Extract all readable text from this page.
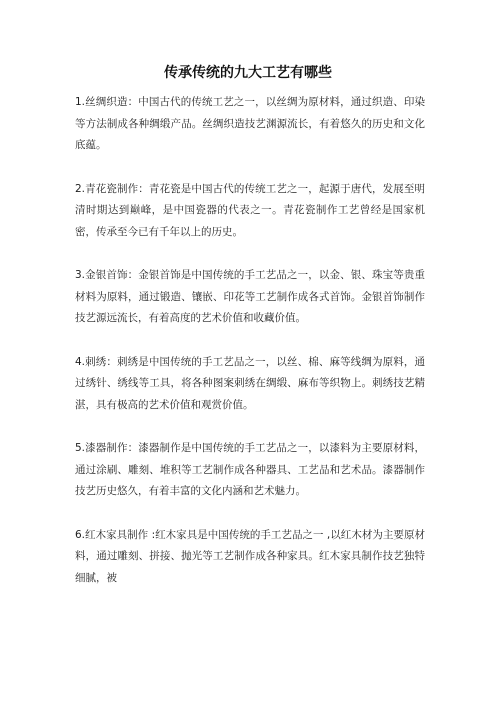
传承传统的九大工艺有哪些

1.丝绸织造：中国古代的传统工艺之一，以丝绸为原材料，通过织造、印染等方法制成各种绸缎产品。丝绸织造技艺渊源流长，有着悠久的历史和文化底蕴。

2.青花瓷制作：青花瓷是中国古代的传统工艺之一，起源于唐代，发展至明清时期达到巅峰，是中国瓷器的代表之一。青花瓷制作工艺曾经是国家机密，传承至今已有千年以上的历史。

3.金银首饰：金银首饰是中国传统的手工艺品之一，以金、银、珠宝等贵重材料为原料，通过锻造、镶嵌、印花等工艺制作成各式首饰。金银首饰制作技艺源远流长，有着高度的艺术价值和收藏价值。

4.刺绣：刺绣是中国传统的手工艺品之一，以丝、棉、麻等线绸为原料，通过绣针、绣线等工具，将各种图案刺绣在绸缎、麻布等织物上。刺绣技艺精湛，具有极高的艺术价值和观赏价值。

5.漆器制作：漆器制作是中国传统的手工艺品之一，以漆料为主要原材料，通过涂刷、雕刻、堆积等工艺制作成各种器具、工艺品和艺术品。漆器制作技艺历史悠久，有着丰富的文化内涵和艺术魅力。

6.红木家具制作 :红木家具是中国传统的手工艺品之一 ,以红木材为主要原材料，通过雕刻、拼接、抛光等工艺制作成各种家具。红木家具制作技艺独特细腻，被
